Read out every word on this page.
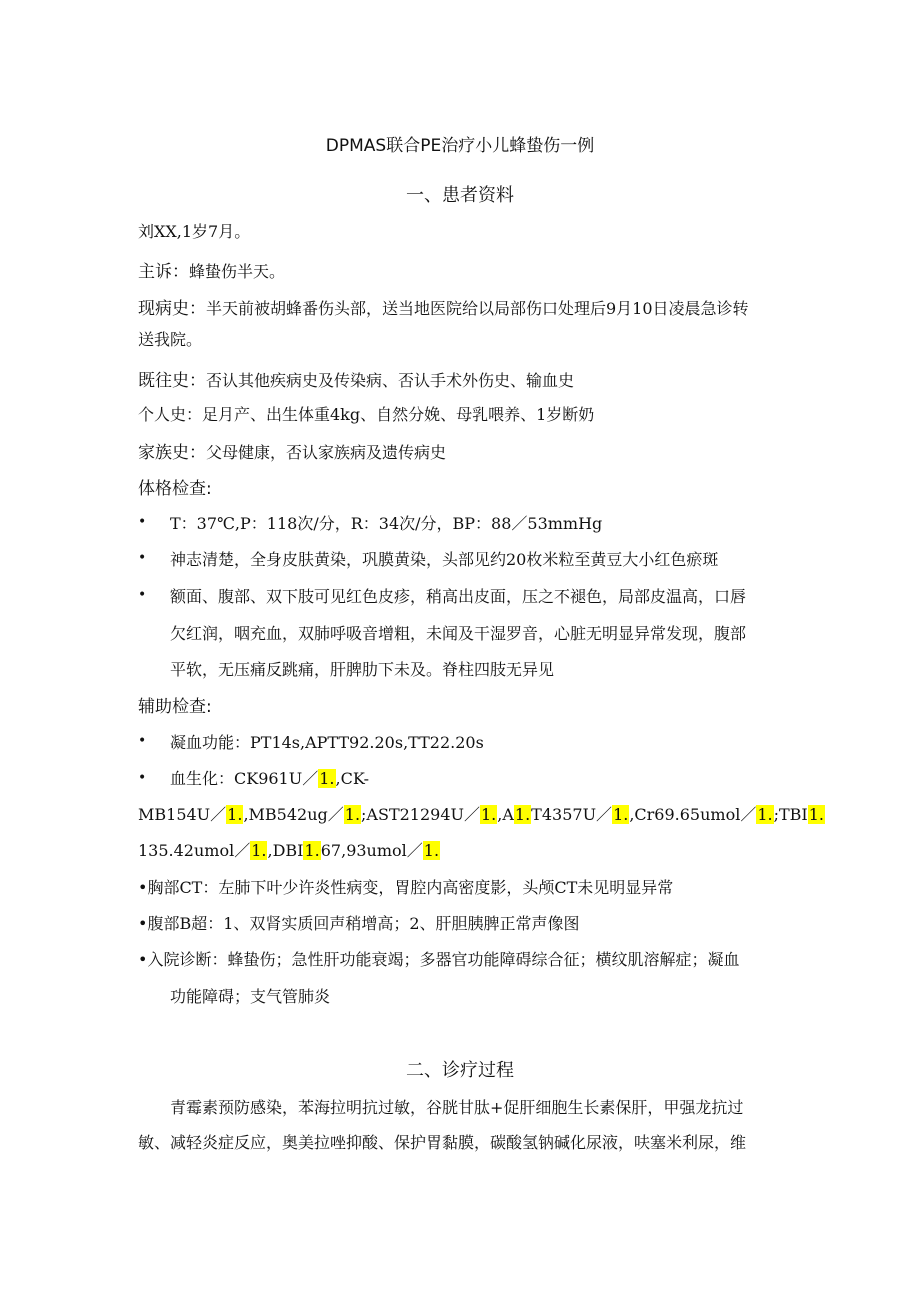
DPMAS联合PE治疗小儿蜂蛰伤一例
一、患者资料
刘XX,1岁7月。
主诉：蜂蛰伤半天。
现病史：半天前被胡蜂番伤头部，送当地医院给以局部伤口处理后9月10日凌晨急诊转
送我院。
既往史：否认其他疾病史及传染病、否认手术外伤史、输血史
个人史：足月产、出生体重4kg、自然分娩、母乳喂养、1岁断奶
家族史：父母健康，否认家族病及遗传病史
体格检查:
• T：37℃,P：118次/分，R：34次/分，BP：88／53mmHg
• 神志清楚，全身皮肤黄染，巩膜黄染，头部见约20枚米粒至黄豆大小红色瘀斑
• 额面、腹部、双下肢可见红色皮疹，稍高出皮面，压之不褪色，局部皮温高，口唇
欠红润，咽充血，双肺呼吸音增粗，未闻及干湿罗音，心脏无明显异常发现，腹部
平软，无压痛反跳痛，肝脾肋下未及。脊柱四肢无异见
辅助检查:
• 凝血功能：PT14s,APTT92.20s,TT22.20s
• 血生化：CK961U／1.,CK-
MB154U／1.,MB542ug／1.;AST21294U／1.,A1.T4357U／1.,Cr69.65umol／1.;TBI1.
135.42umol／1.,DBI1.67,93umol／1.
•胸部CT：左肺下叶少许炎性病变，胃腔内高密度影，头颅CT未见明显异常
•腹部B超：1、双肾实质回声稍增高；2、肝胆胰脾正常声像图
•入院诊断：蜂蛰伤；急性肝功能衰竭；多器官功能障碍综合征；横纹肌溶解症；凝血
功能障碍；支气管肺炎
二、诊疗过程
青霉素预防感染，苯海拉明抗过敏，谷胱甘肽+促肝细胞生长素保肝，甲强龙抗过
敏、减轻炎症反应，奥美拉唑抑酸、保护胃黏膜，碳酸氢钠碱化尿液，呋塞米利尿，维
